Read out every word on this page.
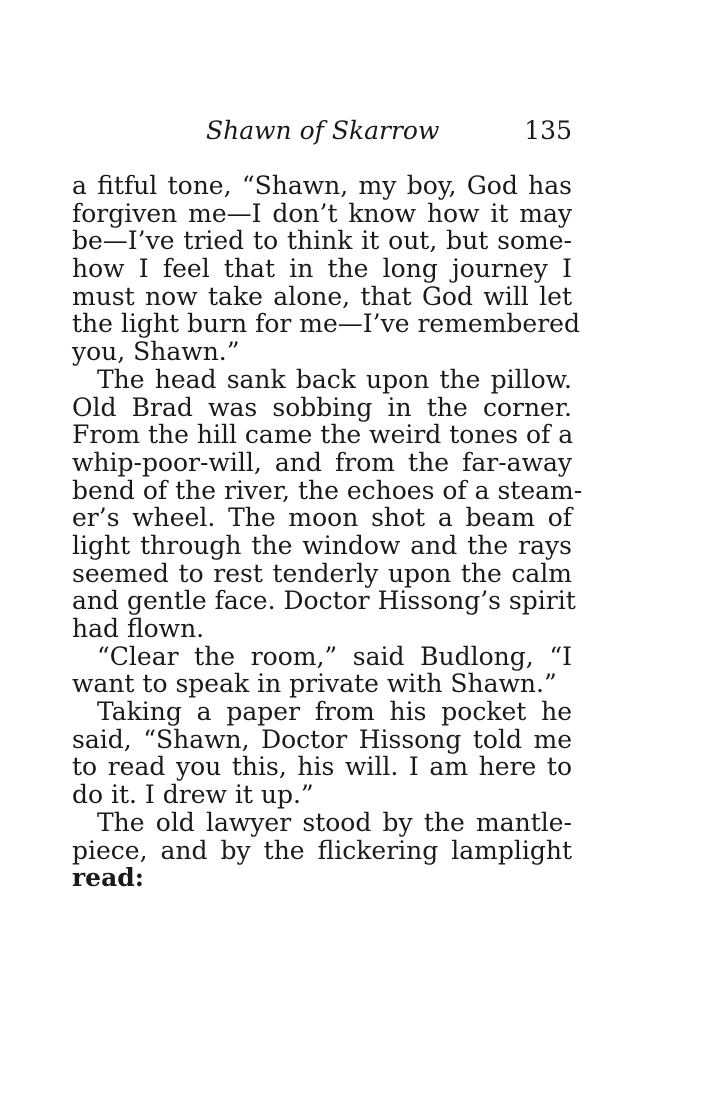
Shawn of Skarrow	135
a fitful tone, “Shawn, my boy, God has
forgiven me—I don’t know how it may
be—I’ve tried to think it out, but some-
how I feel that in the long journey I
must now take alone, that God will let
the light burn for me—I’ve remembered
you, Shawn.”
The head sank back upon the pillow.
Old Brad was sobbing in the corner.
From the hill came the weird tones of a
whip-poor-will, and from the far-away
bend of the river, the echoes of a steam-
er’s wheel. The moon shot a beam of
light through the window and the rays
seemed to rest tenderly upon the calm
and gentle face. Doctor Hissong’s spirit
had flown.
“Clear the room,” said Budlong, “I
want to speak in private with Shawn.”
Taking a paper from his pocket he
said, “Shawn, Doctor Hissong told me
to read you this, his will. I am here to
do it. I drew it up.”
The old lawyer stood by the mantle-
piece, and by the flickering lamplight
read:
